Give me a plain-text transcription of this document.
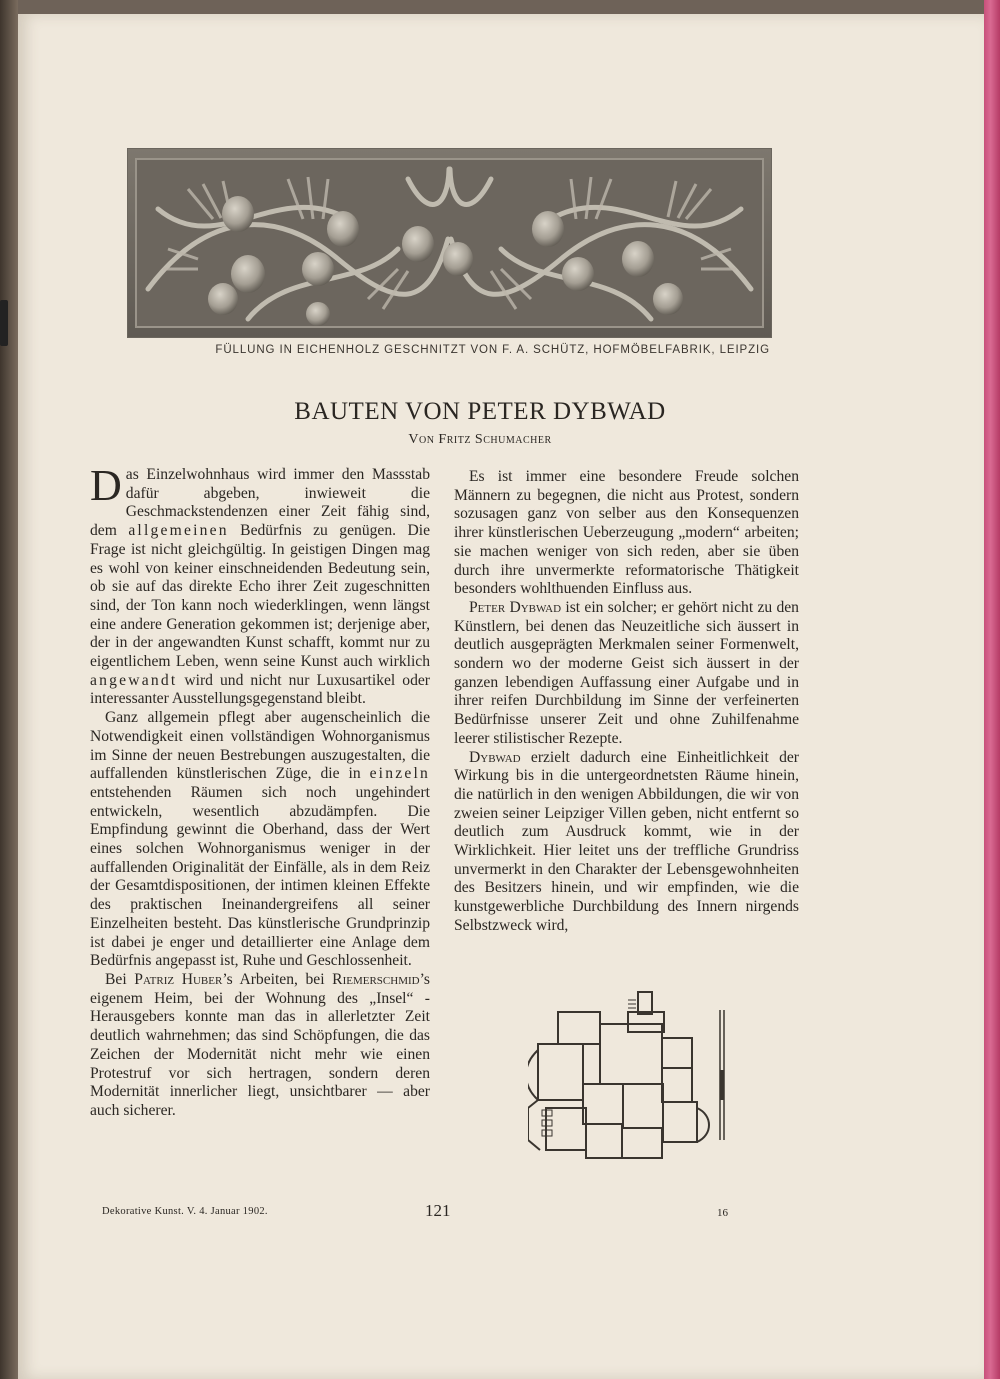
FÜLLUNG IN EICHENHOLZ GESCHNITZT VON F. A. SCHÜTZ, HOFMÖBELFABRIK, LEIPZIG
BAUTEN VON PETER DYBWAD
Von Fritz Schumacher

Das Einzelwohnhaus wird immer den Massstab dafür abgeben, inwieweit die Geschmackstendenzen einer Zeit fähig sind, dem allgemeinen Bedürfnis zu genügen. Die Frage ist nicht gleichgültig. In geistigen Dingen mag es wohl von keiner einschneidenden Bedeutung sein, ob sie auf das direkte Echo ihrer Zeit zugeschnitten sind, der Ton kann noch wiederklingen, wenn längst eine andere Generation gekommen ist; derjenige aber, der in der angewandten Kunst schafft, kommt nur zu eigentlichem Leben, wenn seine Kunst auch wirklich angewandt wird und nicht nur Luxusartikel oder interessanter Ausstellungsgegenstand bleibt.

Ganz allgemein pflegt aber augenscheinlich die Notwendigkeit einen vollständigen Wohnorganismus im Sinne der neuen Bestrebungen auszugestalten, die auffallenden künstlerischen Züge, die in einzeln entstehenden Räumen sich noch ungehindert entwickeln, wesentlich abzudämpfen. Die Empfindung gewinnt die Oberhand, dass der Wert eines solchen Wohnorganismus weniger in der auffallenden Originalität der Einfälle, als in dem Reiz der Gesamtdispositionen, der intimen kleinen Effekte des praktischen Ineinandergreifens all seiner Einzelheiten besteht. Das künstlerische Grundprinzip ist dabei je enger und detaillierter eine Anlage dem Bedürfnis angepasst ist, Ruhe und Geschlossenheit.

Bei Patriz Huber’s Arbeiten, bei Riemerschmid’s eigenem Heim, bei der Wohnung des „Insel“ -Herausgebers konnte man das in allerletzter Zeit deutlich wahrnehmen; das sind Schöpfungen, die das Zeichen der Modernität nicht mehr wie einen Protestruf vor sich hertragen, sondern deren Modernität innerlicher liegt, unsichtbarer — aber auch sicherer.

Es ist immer eine besondere Freude solchen Männern zu begegnen, die nicht aus Protest, sondern sozusagen ganz von selber aus den Konsequenzen ihrer künstlerischen Ueberzeugung „modern“ arbeiten; sie machen weniger von sich reden, aber sie üben durch ihre unvermerkte reformatorische Thätigkeit besonders wohlthuenden Einfluss aus.

Peter Dybwad ist ein solcher; er gehört nicht zu den Künstlern, bei denen das Neuzeitliche sich äussert in deutlich ausgeprägten Merkmalen seiner Formenwelt, sondern wo der moderne Geist sich äussert in der ganzen lebendigen Auffassung einer Aufgabe und in ihrer reifen Durchbildung im Sinne der verfeinerten Bedürfnisse unserer Zeit und ohne Zuhilfenahme leerer stilistischer Rezepte.

Dybwad erzielt dadurch eine Einheitlichkeit der Wirkung bis in die untergeordnetsten Räume hinein, die natürlich in den wenigen Abbildungen, die wir von zweien seiner Leipziger Villen geben, nicht entfernt so deutlich zum Ausdruck kommt, wie in der Wirklichkeit. Hier leitet uns der treffliche Grundriss unvermerkt in den Charakter der Lebensgewohnheiten des Besitzers hinein, und wir empfinden, wie die kunstgewerbliche Durchbildung des Innern nirgends Selbstzweck wird,

Dekorative Kunst. V. 4. Januar 1902.	121	16
